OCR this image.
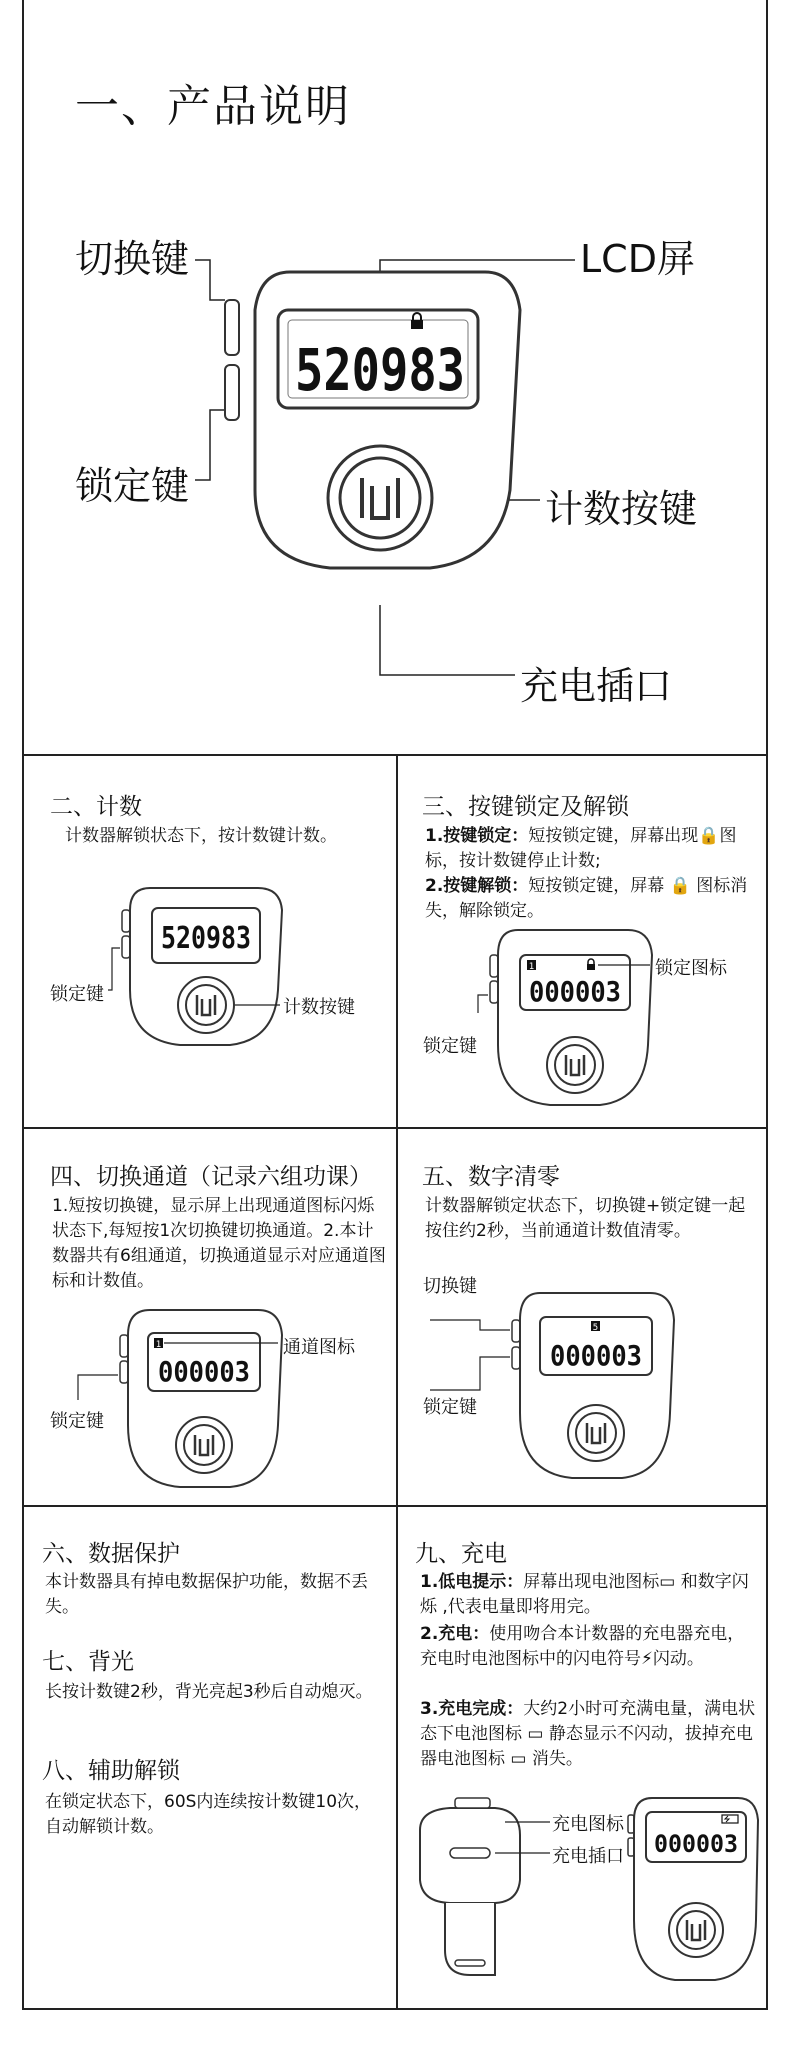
一、产品说明
520983
切换键	LCD屏
锁定键
计数按键
充电插口
二、计数
计数器解锁状态下，按计数键计数。
520983
锁定键
计数按键
三、按键锁定及解锁
1.按键锁定：短按锁定键，屏幕出现🔒图标，按计数键停止计数;
2.按键解锁：短按锁定键，屏幕 🔒 图标消失，解除锁定。
1
000003
锁定图标
锁定键
四、切换通道（记录六组功课）
1.短按切换键，显示屏上出现通道图标闪烁状态下,每短按1次切换键切换通道。2.本计数器共有6组通道，切换通道显示对应通道图标和计数值。
1
000003
通道图标
锁定键
五、数字清零
计数器解锁定状态下，切换键+锁定键一起按住约2秒，当前通道计数值清零。
5
000003
切换键
锁定键
六、数据保护
本计数器具有掉电数据保护功能，数据不丢失。
七、背光
长按计数键2秒，背光亮起3秒后自动熄灭。
八、辅助解锁
在锁定状态下，60S内连续按计数键10次，自动解锁计数。
九、充电
1.低电提示：屏幕出现电池图标▭ 和数字闪烁 ,代表电量即将用完。
2.充电：使用吻合本计数器的充电器充电，充电时电池图标中的闪电符号⚡闪动。
3.充电完成：大约2小时可充满电量，满电状态下电池图标 ▭ 静态显示不闪动，拔掉充电器电池图标 ▭ 消失。
000003
充电图标
充电插口
